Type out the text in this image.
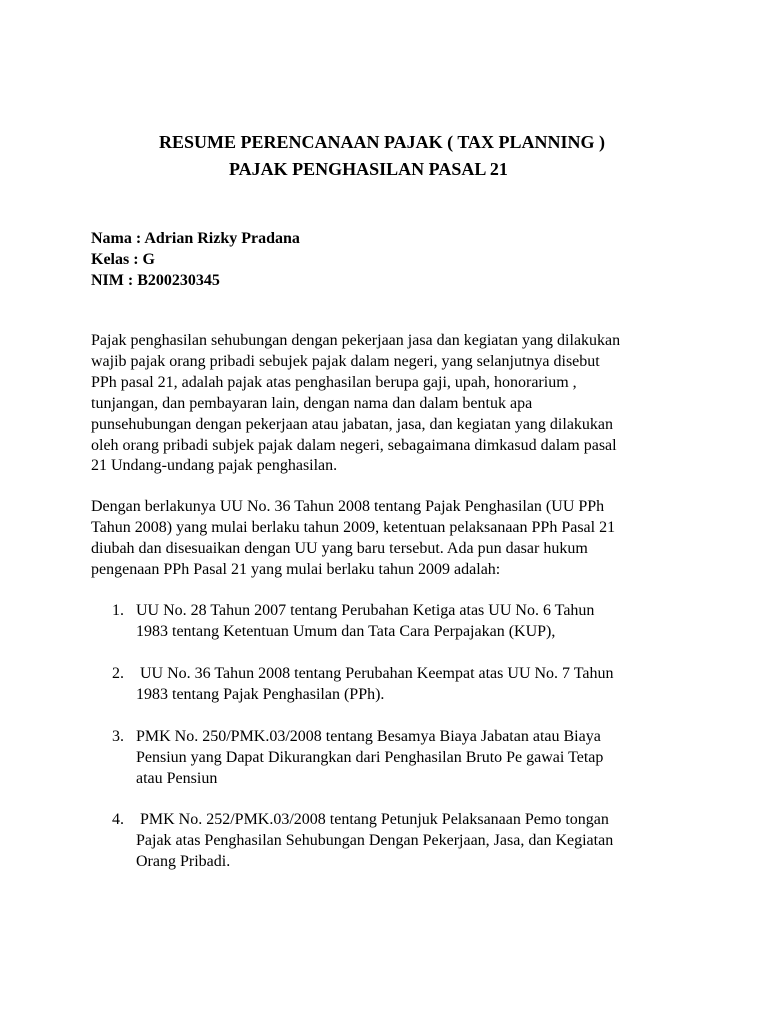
RESUME PERENCANAAN PAJAK ( TAX PLANNING )
PAJAK PENGHASILAN PASAL 21
Nama : Adrian Rizky Pradana
Kelas : G
NIM : B200230345
Pajak penghasilan sehubungan dengan pekerjaan jasa dan kegiatan yang dilakukan
wajib pajak orang pribadi sebujek pajak dalam negeri, yang selanjutnya disebut
PPh pasal 21, adalah pajak atas penghasilan berupa gaji, upah, honorarium ,
tunjangan, dan pembayaran lain, dengan nama dan dalam bentuk apa
punsehubungan dengan pekerjaan atau jabatan, jasa, dan kegiatan yang dilakukan
oleh orang pribadi subjek pajak dalam negeri, sebagaimana dimkasud dalam pasal
21 Undang-undang pajak penghasilan.
Dengan berlakunya UU No. 36 Tahun 2008 tentang Pajak Penghasilan (UU PPh
Tahun 2008) yang mulai berlaku tahun 2009, ketentuan pelaksanaan PPh Pasal 21
diubah dan disesuaikan dengan UU yang baru tersebut. Ada pun dasar hukum
pengenaan PPh Pasal 21 yang mulai berlaku tahun 2009 adalah:
1. UU No. 28 Tahun 2007 tentang Perubahan Ketiga atas UU No. 6 Tahun
1983 tentang Ketentuan Umum dan Tata Cara Perpajakan (KUP),
2. UU No. 36 Tahun 2008 tentang Perubahan Keempat atas UU No. 7 Tahun
1983 tentang Pajak Penghasilan (PPh).
3. PMK No. 250/PMK.03/2008 tentang Besamya Biaya Jabatan atau Biaya
Pensiun yang Dapat Dikurangkan dari Penghasilan Bruto Pe gawai Tetap
atau Pensiun
4. PMK No. 252/PMK.03/2008 tentang Petunjuk Pelaksanaan Pemo tongan
Pajak atas Penghasilan Sehubungan Dengan Pekerjaan, Jasa, dan Kegiatan
Orang Pribadi.
